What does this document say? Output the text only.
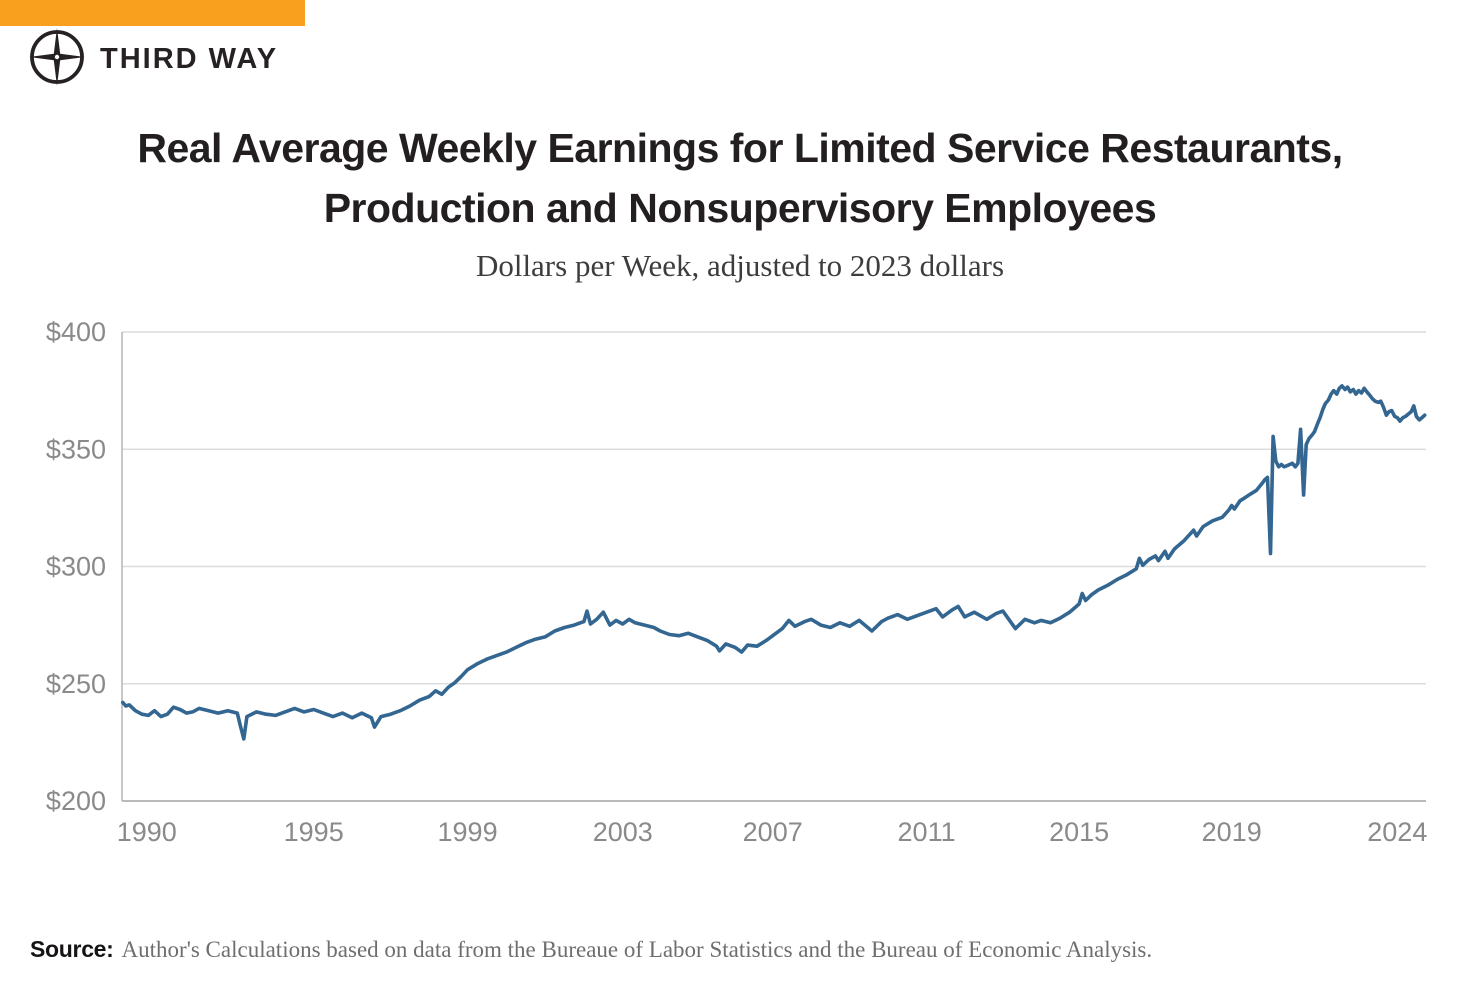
THIRD WAY
Real Average Weekly Earnings for Limited Service Restaurants,
Production and Nonsupervisory Employees
Dollars per Week, adjusted to 2023 dollars
$200
$250
$300
$350
$400
1990	1995	1999	2003	2007	2011	2015	2019	2024
Source: Author's Calculations based on data from the Bureaue of Labor Statistics and the Bureau of Economic Analysis.
